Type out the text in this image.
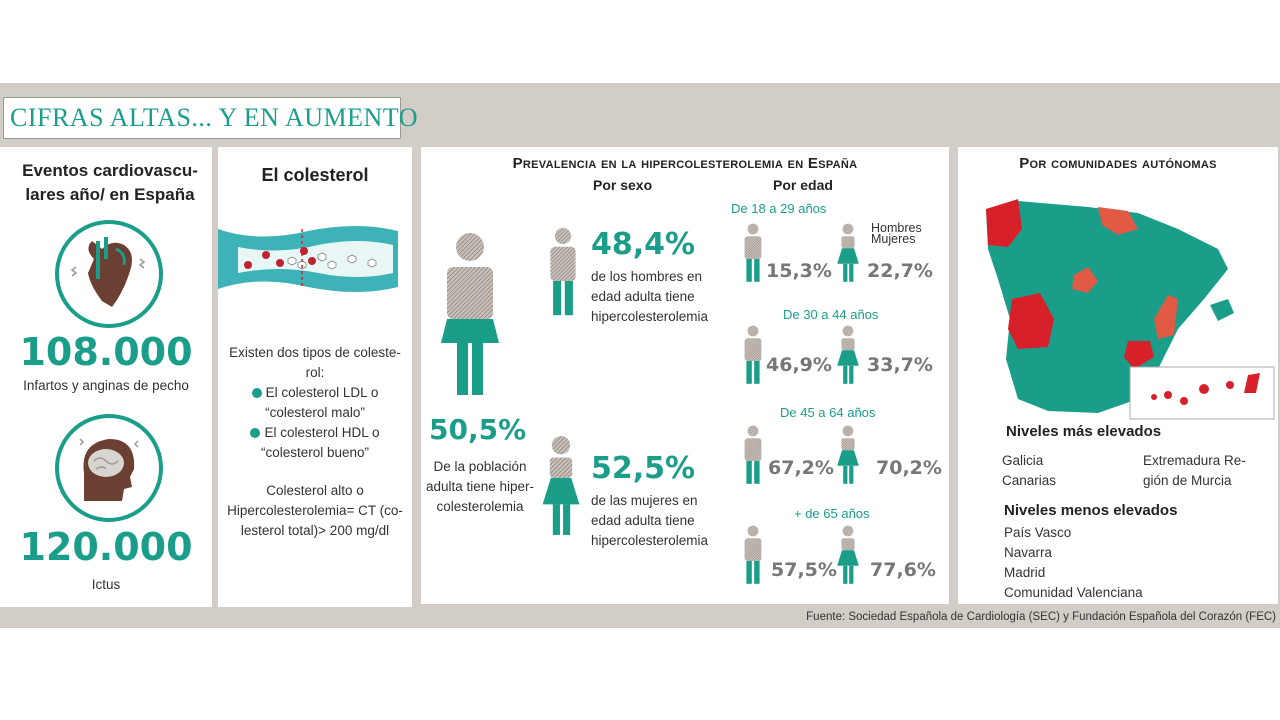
CIFRAS ALTAS... Y EN AUMENTO
Eventos cardiovascu-
lares año/ en España
108.000
Infartos y anginas de pecho
120.000
Ictus
El colesterol
Existen dos tipos de coleste-
rol:
El colesterol LDL o
“colesterol malo”
El colesterol HDL o
“colesterol bueno”
Colesterol alto o
Hipercolesterolemia= CT (co-
lesterol total)> 200 mg/dl
Prevalencia en la hipercolesterolemia en España
Por sexo	Por edad
50,5%
De la población
adulta tiene hiper-
colesterolemia
48,4%
de los hombres en
edad adulta tiene
hipercolesterolemia
52,5%
de las mujeres en
edad adulta tiene
hipercolesterolemia
Hombres
Mujeres
De 18 a 29 años
15,3% 22,7%
De 30 a 44 años
46,9% 33,7%
De 45 a 64 años
67,2% 70,2%
+ de 65 años
57,5% 77,6%
Por comunidades autónomas
Niveles más elevados
Galicia
Canarias
Extremadura Re-
gión de Murcia
Niveles menos elevados
País Vasco
Navarra
Madrid
Comunidad Valenciana
Fuente: Sociedad Española de Cardiología (SEC) y Fundación Española del Corazón (FEC)
